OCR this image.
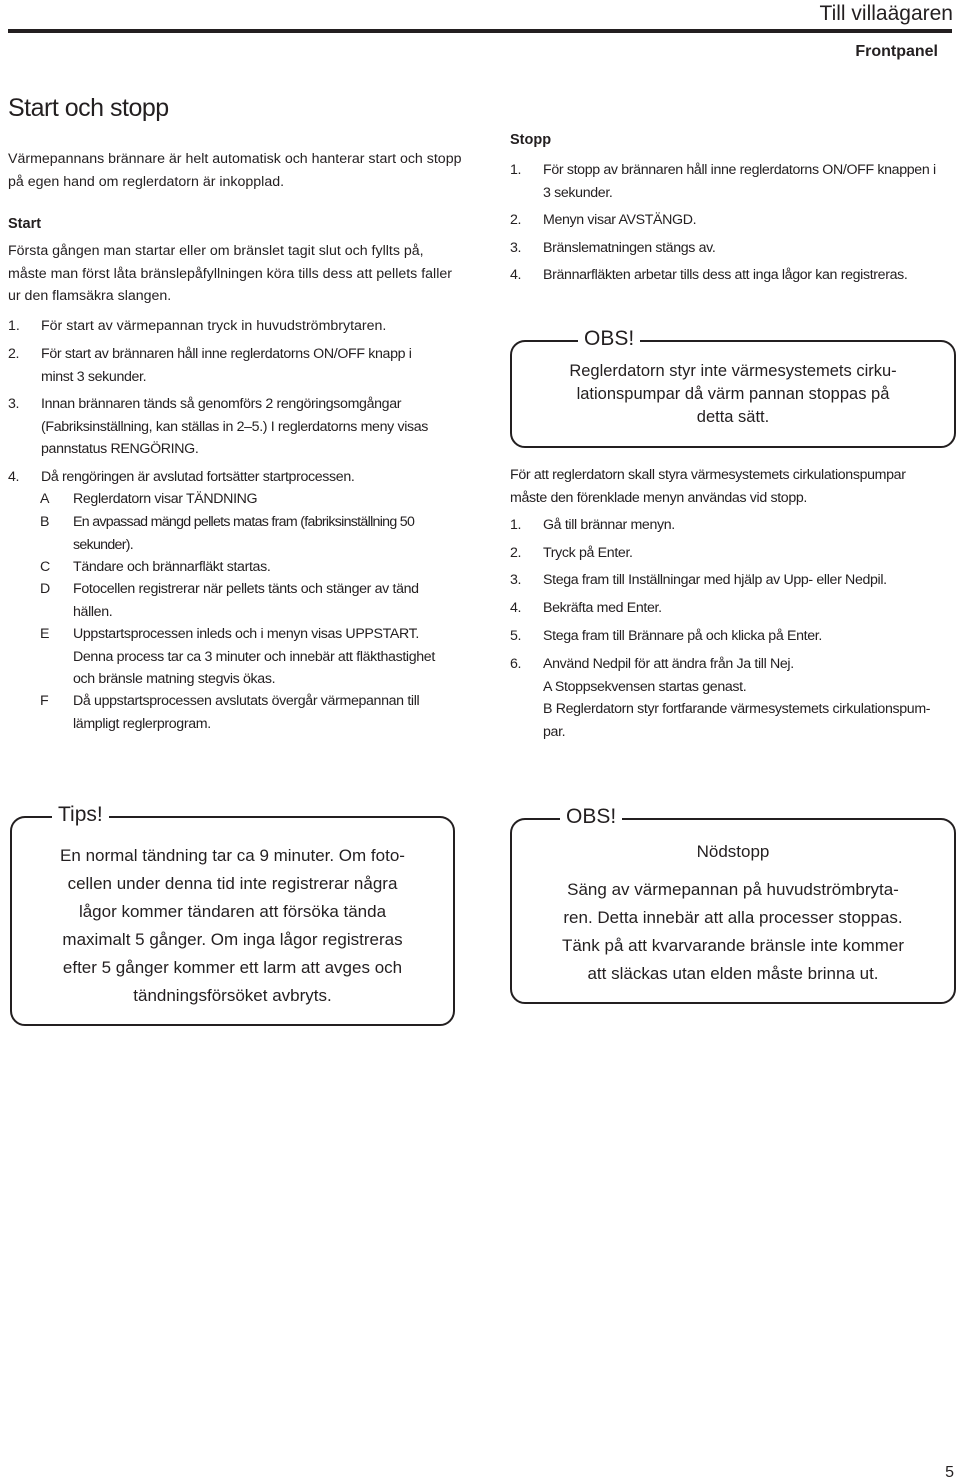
Till villaägaren
Frontpanel
Start och stopp
Värmepannans brännare är helt automatisk och hanterar start och stopp
på egen hand om reglerdatorn är inkopplad.
Start
Första gången man startar eller om bränslet tagit slut och fyllts på,
måste man först låta bränslepåfyllningen köra tills dess att pellets faller
ur den flamsäkra slangen.
1. För start av värmepannan tryck in huvudströmbrytaren.
2. För start av brännaren håll inne reglerdatorns ON/OFF knapp i
minst 3 sekunder.
3. Innan brännaren tänds så genomförs 2 rengöringsomgångar
(Fabriksinställning, kan ställas in 2–5.) I reglerdatorns meny visas
pannstatus RENGÖRING.
4. Då rengöringen är avslutad fortsätter startprocessen.
A Reglerdatorn visar TÄNDNING
B En avpassad mängd pellets matas fram (fabriksinställning 50
sekunder).
C Tändare och brännarfläkt startas.
D Fotocellen registrerar när pellets tänts och stänger av tänd
hällen.
E Uppstartsprocessen inleds och i menyn visas UPPSTART.
Denna process tar ca 3 minuter och innebär att fläkthastighet
och bränsle matning stegvis ökas.
F Då uppstartsprocessen avslutats övergår värmepannan till
lämpligt reglerprogram.
Stopp
1. För stopp av brännaren håll inne reglerdatorns ON/OFF knappen i
3 sekunder.
2. Menyn visar AVSTÄNGD.
3. Bränslematningen stängs av.
4. Brännarfläkten arbetar tills dess att inga lågor kan registreras.
OBS!
Reglerdatorn styr inte värmesystemets cirku-
lationspumpar då värm pannan stoppas på
detta sätt.
För att reglerdatorn skall styra värmesystemets cirkulationspumpar
måste den förenklade menyn användas vid stopp.
1. Gå till brännar menyn.
2. Tryck på Enter.
3. Stega fram till Inställningar med hjälp av Upp- eller Nedpil.
4. Bekräfta med Enter.
5. Stega fram till Brännare på och klicka på Enter.
6. Använd Nedpil för att ändra från Ja till Nej.
A Stoppsekvensen startas genast.
B Reglerdatorn styr fortfarande värmesystemets cirkulationspum-
par.
Tips!
En normal tändning tar ca 9 minuter. Om foto-
cellen under denna tid inte registrerar några
lågor kommer tändaren att försöka tända
maximalt 5 gånger. Om inga lågor registreras
efter 5 gånger kommer ett larm att avges och
tändningsförsöket avbryts.
OBS!
Nödstopp
Säng av värmepannan på huvudströmbryta-
ren. Detta innebär att alla processer stoppas.
Tänk på att kvarvarande bränsle inte kommer
att släckas utan elden måste brinna ut.
5
